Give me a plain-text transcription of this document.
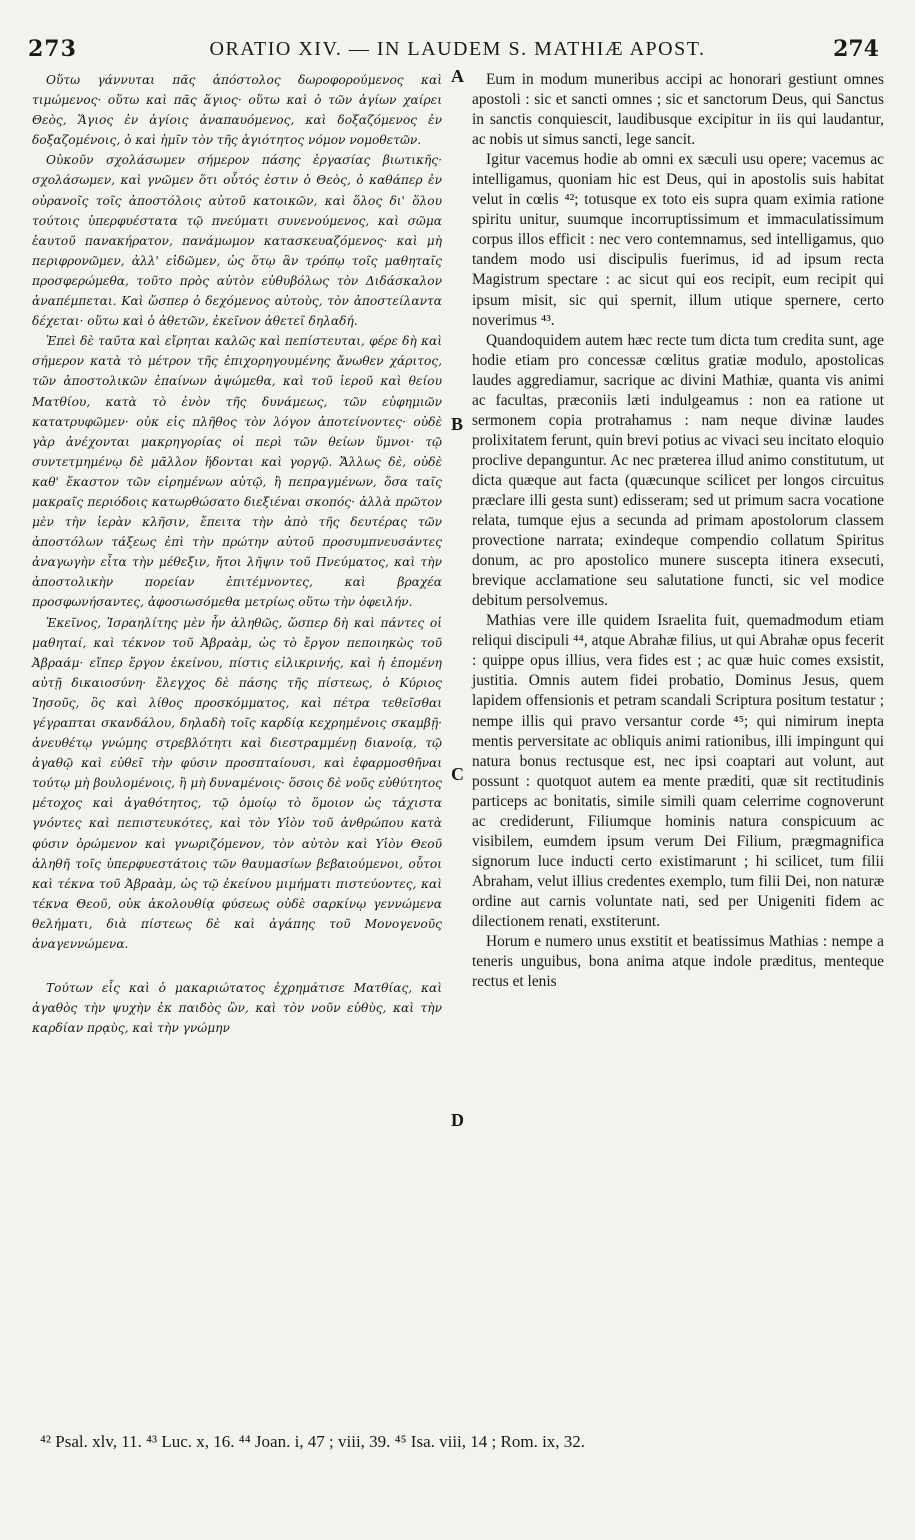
273	ORATIO XIV. — IN LAUDEM S. MATHIÆ APOST.	274

Οὕτω γάννυται πᾶς ἀπόστολος δωροφορούμενος καὶ τιμώμενος· οὕτω καὶ πᾶς ἅγιος· οὕτω καὶ ὁ τῶν ἁγίων χαίρει Θεὸς, Ἅγιος ἐν ἁγίοις ἀναπαυόμενος, καὶ δοξαζόμενος ἐν δοξαζομένοις, ὁ καὶ ἡμῖν τὸν τῆς ἁγιότητος νόμον νομοθετῶν.

Οὐκοῦν σχολάσωμεν σήμερον πάσης ἐργασίας βιωτικῆς· σχολάσωμεν, καὶ γνῶμεν ὅτι οὗτός ἐστιν ὁ Θεὸς, ὁ καθάπερ ἐν οὐρανοῖς τοῖς ἀποστόλοις αὐτοῦ κατοικῶν, καὶ ὅλος δι' ὅλου τούτοις ὑπερφυέστατα τῷ πνεύματι συνενούμενος, καὶ σῶμα ἑαυτοῦ πανακήρατον, πανάμωμον κατασκευαζόμενος· καὶ μὴ περιφρονῶμεν, ἀλλ' εἰδῶμεν, ὡς ὅτῳ ἂν τρόπῳ τοῖς μαθηταῖς προσφερώμεθα, τοῦτο πρὸς αὐτὸν εὐθυβόλως τὸν Διδάσκαλον ἀναπέμπεται. Καὶ ὥσπερ ὁ δεχόμενος αὐτοὺς, τὸν ἀποστείλαντα δέχεται· οὕτω καὶ ὁ ἀθετῶν, ἐκεῖνον ἀθετεῖ δηλαδή.

Ἐπεὶ δὲ ταῦτα καὶ εἴρηται καλῶς καὶ πεπίστευται, φέρε δὴ καὶ σήμερον κατὰ τὸ μέτρον τῆς ἐπιχορηγουμένης ἄνωθεν χάριτος, τῶν ἀποστολικῶν ἐπαίνων ἀψώμεθα, καὶ τοῦ ἱεροῦ καὶ θείου Ματθίου, κατὰ τὸ ἐνὸν τῆς δυνάμεως, τῶν εὐφημιῶν κατατρυφῶμεν· οὐκ εἰς πλῆθος τὸν λόγον ἀποτείνοντες· οὐδὲ γὰρ ἀνέχονται μακρηγορίας οἱ περὶ τῶν θείων ὕμνοι· τῷ συντετμημένῳ δὲ μᾶλλον ἥδονται καὶ γοργῷ. Ἄλλως δὲ, οὐδὲ καθ' ἕκαστον τῶν εἰρημένων αὐτῷ, ἢ πεπραγμένων, ὅσα ταῖς μακραῖς περιόδοις κατωρθώσατο διεξιέναι σκοπός· ἀλλὰ πρῶτον μὲν τὴν ἱερὰν κλῆσιν, ἔπειτα τὴν ἀπὸ τῆς δευτέρας τῶν ἀποστόλων τάξεως ἐπὶ τὴν πρώτην αὐτοῦ προσυμπνευσάντες ἀναγωγὴν εἶτα τὴν μέθεξιν, ἤτοι λῆψιν τοῦ Πνεύματος, καὶ τὴν ἀποστολικὴν πορείαν ἐπιτέμνοντες, καὶ βραχέα προσφωνήσαντες, ἀφοσιωσόμεθα μετρίως οὕτω τὴν ὀφειλήν.

Ἐκεῖνος, Ἰσραηλίτης μὲν ἦν ἀληθῶς, ὥσπερ δὴ καὶ πάντες οἱ μαθηταί, καὶ τέκνον τοῦ Ἀβραὰμ, ὡς τὸ ἔργον πεποιηκὼς τοῦ Ἀβραάμ· εἴπερ ἔργον ἐκείνου, πίστις εἰλικρινής, καὶ ἡ ἑπομένη αὐτῇ δικαιοσύνη· ἔλεγχος δὲ πάσης τῆς πίστεως, ὁ Κύριος Ἰησοῦς, ὃς καὶ λίθος προσκόμματος, καὶ πέτρα τεθεῖσθαι γέγραπται σκανδάλου, δηλαδὴ τοῖς καρδίᾳ κεχρημένοις σκαμβῇ· ἀνευθέτῳ γνώμης στρεβλότητι καὶ διεστραμμένῃ διανοίᾳ, τῷ ἀγαθῷ καὶ εὐθεῖ τὴν φύσιν προσπταίουσι, καὶ ἐφαρμοσθῆναι τούτῳ μὴ βουλομένοις, ἢ μὴ δυναμένοις· ὅσοις δὲ νοῦς εὐθύτητος μέτοχος καὶ ἀγαθότητος, τῷ ὁμοίῳ τὸ ὅμοιον ὡς τάχιστα γνόντες καὶ πεπιστευκότες, καὶ τὸν Υἱὸν τοῦ ἀνθρώπου κατὰ φύσιν ὁρώμενον καὶ γνωριζόμενον, τὸν αὐτὸν καὶ Υἱὸν Θεοῦ ἀληθῆ τοῖς ὑπερφυεστάτοις τῶν θαυμασίων βεβαιούμενοι, οὗτοι καὶ τέκνα τοῦ Ἀβραὰμ, ὡς τῷ ἐκείνου μιμήματι πιστεύοντες, καὶ τέκνα Θεοῦ, οὐκ ἀκολουθίᾳ φύσεως οὐδὲ σαρκίνῳ γεννώμενα θελήματι, διὰ πίστεως δὲ καὶ ἀγάπης τοῦ Μονογενοῦς ἀναγεννώμενα.

Τούτων εἷς καὶ ὁ μακαριώτατος ἐχρημάτισε Ματθίας, καὶ ἀγαθὸς τὴν ψυχὴν ἐκ παιδὸς ὢν, καὶ τὸν νοῦν εὐθὺς, καὶ τὴν καρδίαν πρᾳὺς, καὶ τὴν γνώμην

A
B
C
D

Eum in modum muneribus accipi ac honorari gestiunt omnes apostoli : sic et sancti omnes ; sic et sanctorum Deus, qui Sanctus in sanctis conquiescit, laudibusque excipitur in iis qui laudantur, ac nobis ut simus sancti, lege sancit.

Igitur vacemus hodie ab omni ex sæculi usu opere; vacemus ac intelligamus, quoniam hic est Deus, qui in apostolis suis habitat velut in cœlis ⁴²; totusque ex toto eis supra quam eximia ratione spiritu unitur, suumque incorruptissimum et immaculatissimum corpus illos efficit : nec vero contemnamus, sed intelligamus, quo tandem modo usi discipulis fuerimus, id ad ipsum recta Magistrum spectare : ac sicut qui eos recipit, eum recipit qui ipsum misit, sic qui spernit, illum utique spernere, certo noverimus ⁴³.

Quandoquidem autem hæc recte tum dicta tum credita sunt, age hodie etiam pro concessæ cœlitus gratiæ modulo, apostolicas laudes aggrediamur, sacrique ac divini Mathiæ, quanta vis animi ac facultas, præconiis læti indulgeamus : non ea ratione ut sermonem copia protrahamus : nam neque divinæ laudes prolixitatem ferunt, quin brevi potius ac vivaci seu incitato eloquio proclive depanguntur. Ac nec præterea illud animo constitutum, ut dicta quæque aut facta (quæcunque scilicet per longos circuitus præclare illi gesta sunt) edisseram; sed ut primum sacra vocatione relata, tumque ejus a secunda ad primam apostolorum classem provectione narrata; exindeque compendio collatum Spiritus donum, ac pro apostolico munere suscepta itinera exsecuti, brevique acclamatione seu salutatione functi, sic vel modice debitum persolvemus.

Mathias vere ille quidem Israelita fuit, quemadmodum etiam reliqui discipuli ⁴⁴, atque Abrahæ filius, ut qui Abrahæ opus fecerit : quippe opus illius, vera fides est ; ac quæ huic comes exsistit, justitia. Omnis autem fidei probatio, Dominus Jesus, quem lapidem offensionis et petram scandali Scriptura positum testatur ; nempe illis qui pravo versantur corde ⁴⁵; qui nimirum inepta mentis perversitate ac obliquis animi rationibus, illi impingunt qui natura bonus rectusque est, nec ipsi coaptari aut volunt, aut possunt : quotquot autem ea mente præditi, quæ sit rectitudinis particeps ac bonitatis, simile simili quam celerrime cognoverunt ac crediderunt, Filiumque hominis natura conspicuum ac visibilem, eumdem ipsum verum Dei Filium, prægmagnifica signorum luce inducti certo existimarunt ; hi scilicet, tum filii Abraham, velut illius credentes exemplo, tum filii Dei, non naturæ ordine aut carnis voluntate nati, sed per Unigeniti fidem ac dilectionem renati, exstiterunt.

Horum e numero unus exstitit et beatissimus Mathias : nempe a teneris unguibus, bona anima atque indole præditus, menteque rectus et lenis

⁴² Psal. xlv, 11. ⁴³ Luc. x, 16. ⁴⁴ Joan. i, 47 ; viii, 39. ⁴⁵ Isa. viii, 14 ; Rom. ix, 32.
